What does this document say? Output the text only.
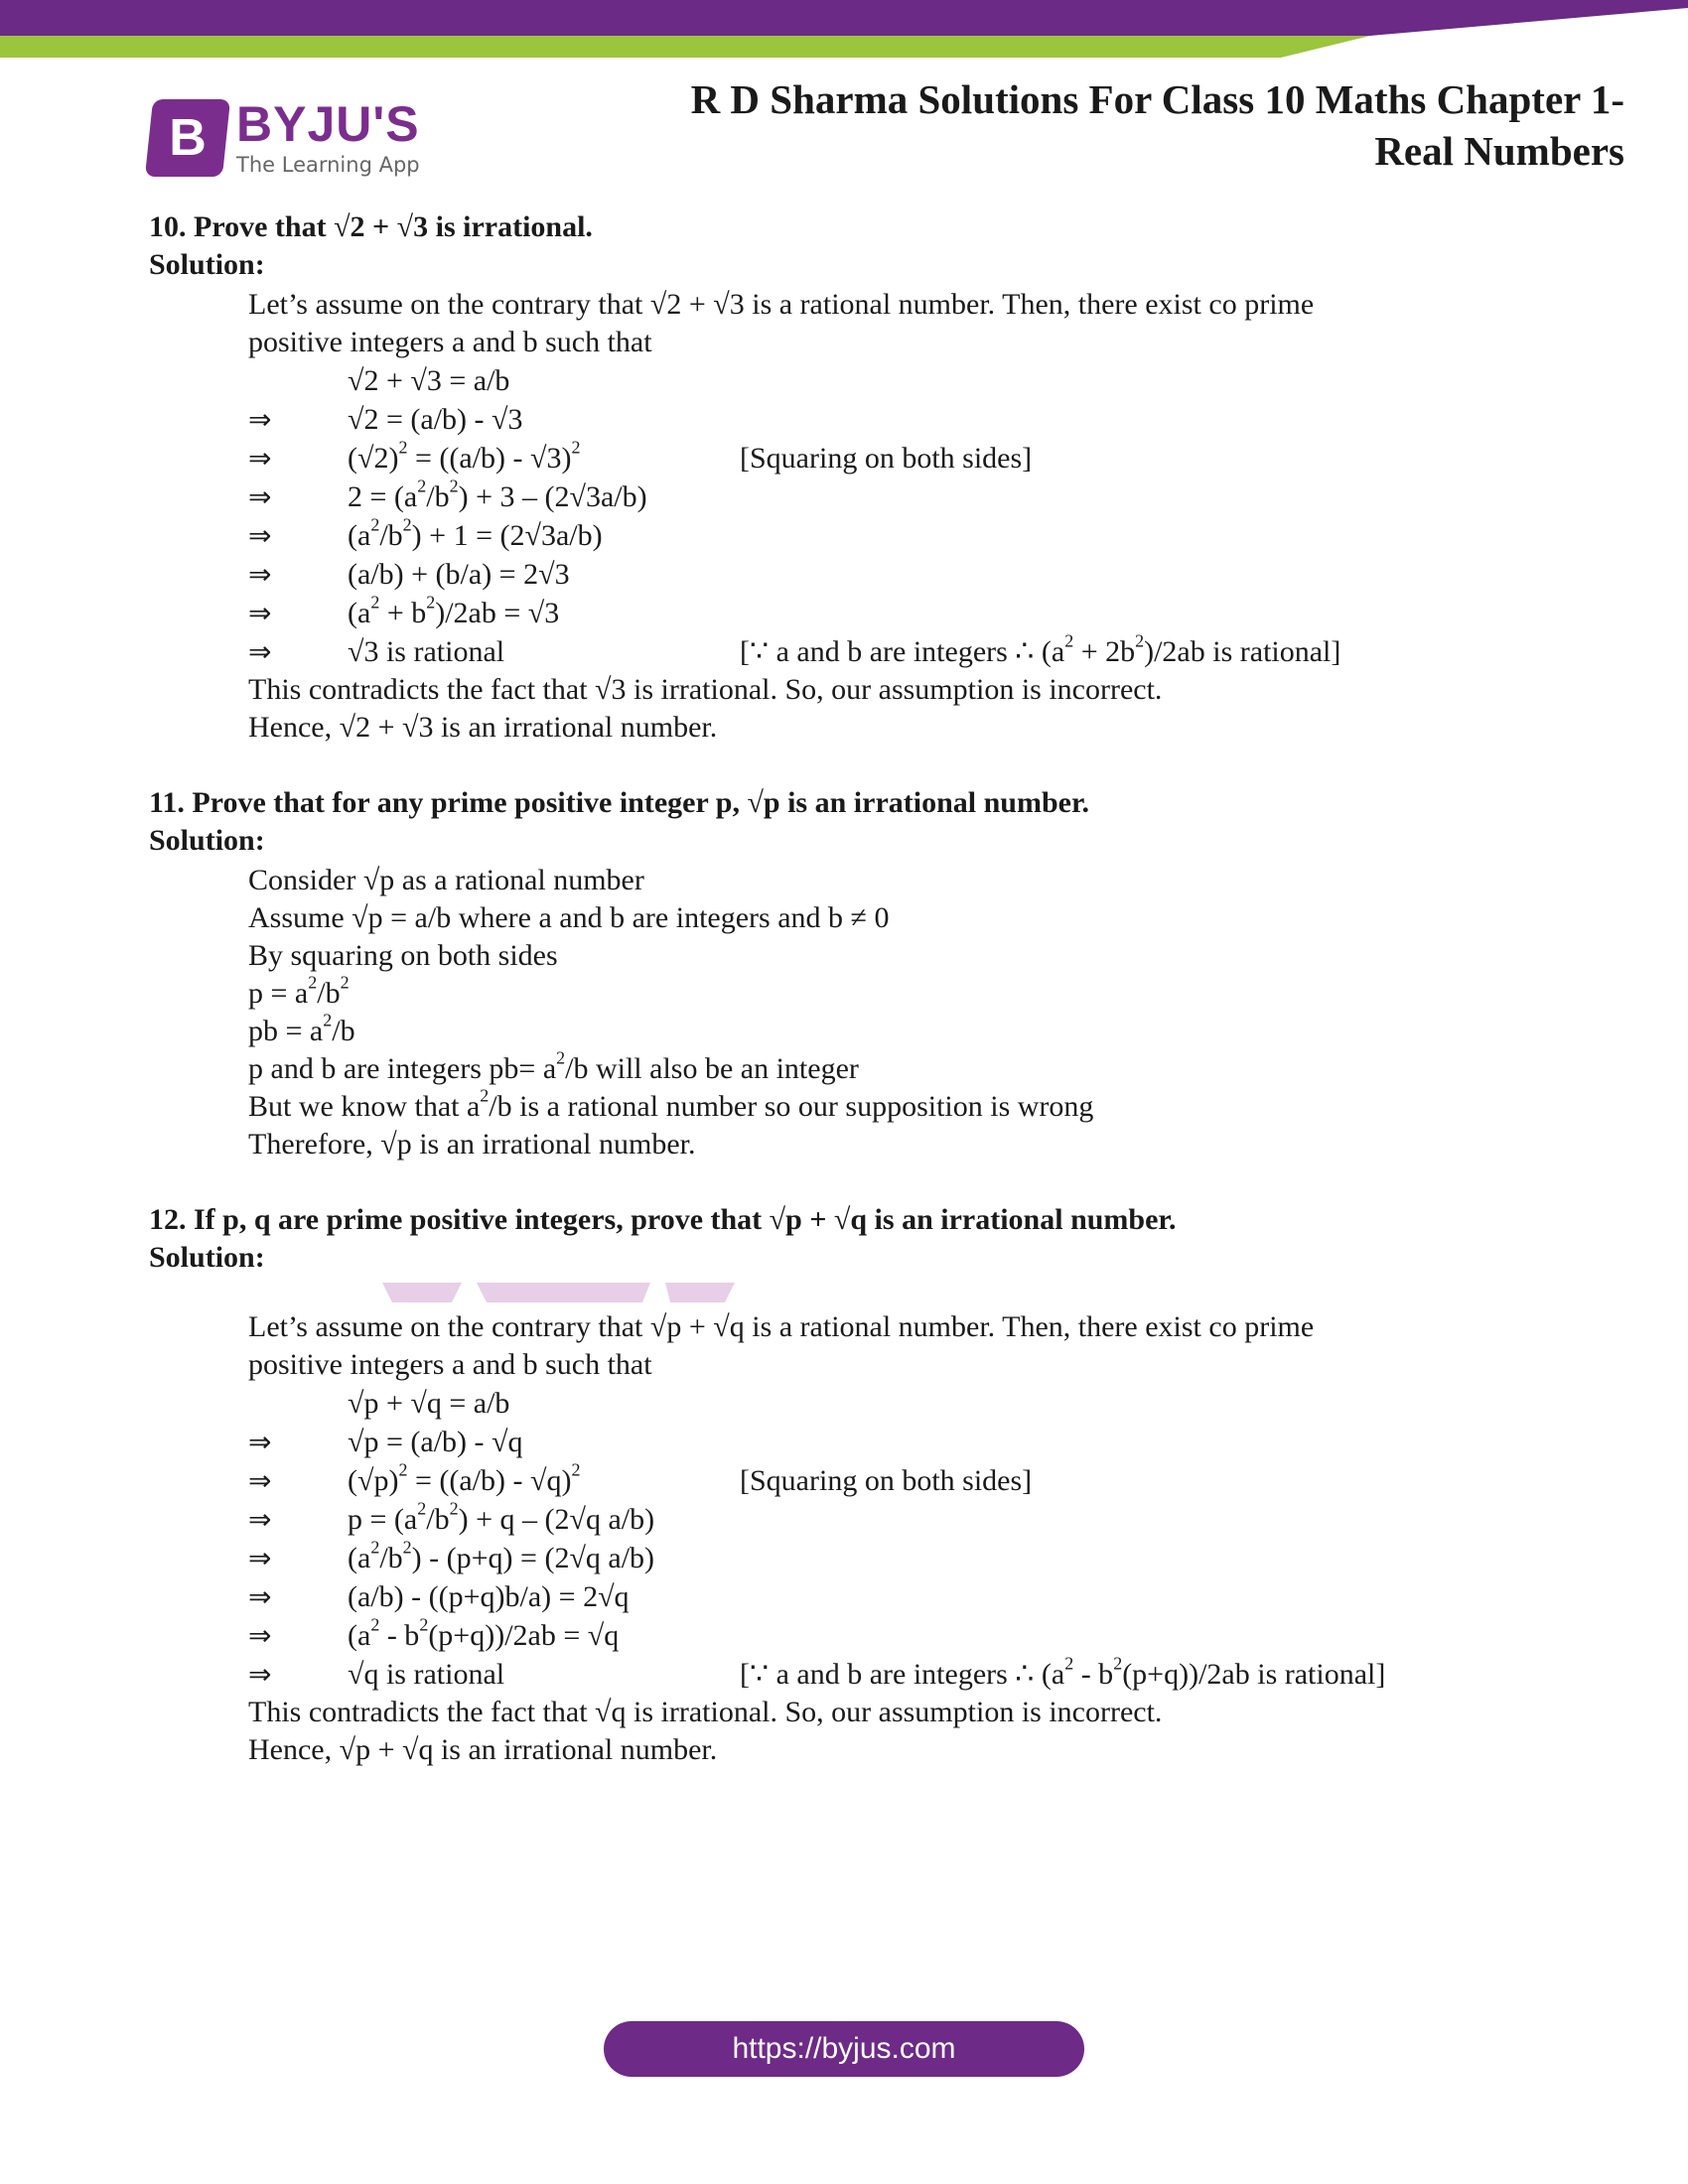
B BYJU'S
The Learning App
R D Sharma Solutions For Class 10 Maths Chapter 1-
Real Numbers
10. Prove that √2 + √3 is irrational.
Solution:
Let’s assume on the contrary that √2 + √3 is a rational number. Then, there exist co prime
positive integers a and b such that
√2 + √3 = a/b
⇒	√2 = (a/b) - √3
⇒	$(√2)^2 = ((a/b) - √3)^2$	[Squaring on both sides]
⇒	$2 = (a^2/b^2) + 3 - (2√3a/b)$
⇒	$(a^2/b^2) + 1 = (2√3a/b)$
⇒	(a/b) + (b/a) = 2√3
⇒	$(a^2 + b^2)/2ab = √3$
⇒	√3 is rational	[∵ a and b are integers ∴ $(a^2 + 2b^2)/2ab$ is rational]
This contradicts the fact that √3 is irrational. So, our assumption is incorrect.
Hence, √2 + √3 is an irrational number.
11. Prove that for any prime positive integer p, √p is an irrational number.
Solution:
Consider √p as a rational number
Assume √p = a/b where a and b are integers and b ≠ 0
By squaring on both sides
$p = a^2/b^2$
pb = $a^2/b$
p and b are integers $pb= a^2/b$ will also be an integer
But we know that $a^2/b$ is a rational number so our supposition is wrong
Therefore, √p is an irrational number.
12. If p, q are prime positive integers, prove that √p + √q is an irrational number.
Solution:
Let’s assume on the contrary that √p + √q is a rational number. Then, there exist co prime
positive integers a and b such that
√p + √q = a/b
⇒	√p = (a/b) - √q
⇒	$(√p)^2 = ((a/b) - √q)^2$	[Squaring on both sides]
⇒	$p = (a^2/b^2) + q - (2√q$ a/b)
⇒	$(a^2/b^2) - (p+q) = (2√q$ a/b)
⇒	(a/b) - ((p+q)b/a) = 2√q
⇒	$(a^2 - b^2(p+q))/2ab = √q$
⇒	√q is rational	[∵ a and b are integers ∴ $(a^2 - b^2(p+q))/2ab$ is rational]
This contradicts the fact that √q is irrational. So, our assumption is incorrect.
Hence, √p + √q is an irrational number.
https://byjus.com
